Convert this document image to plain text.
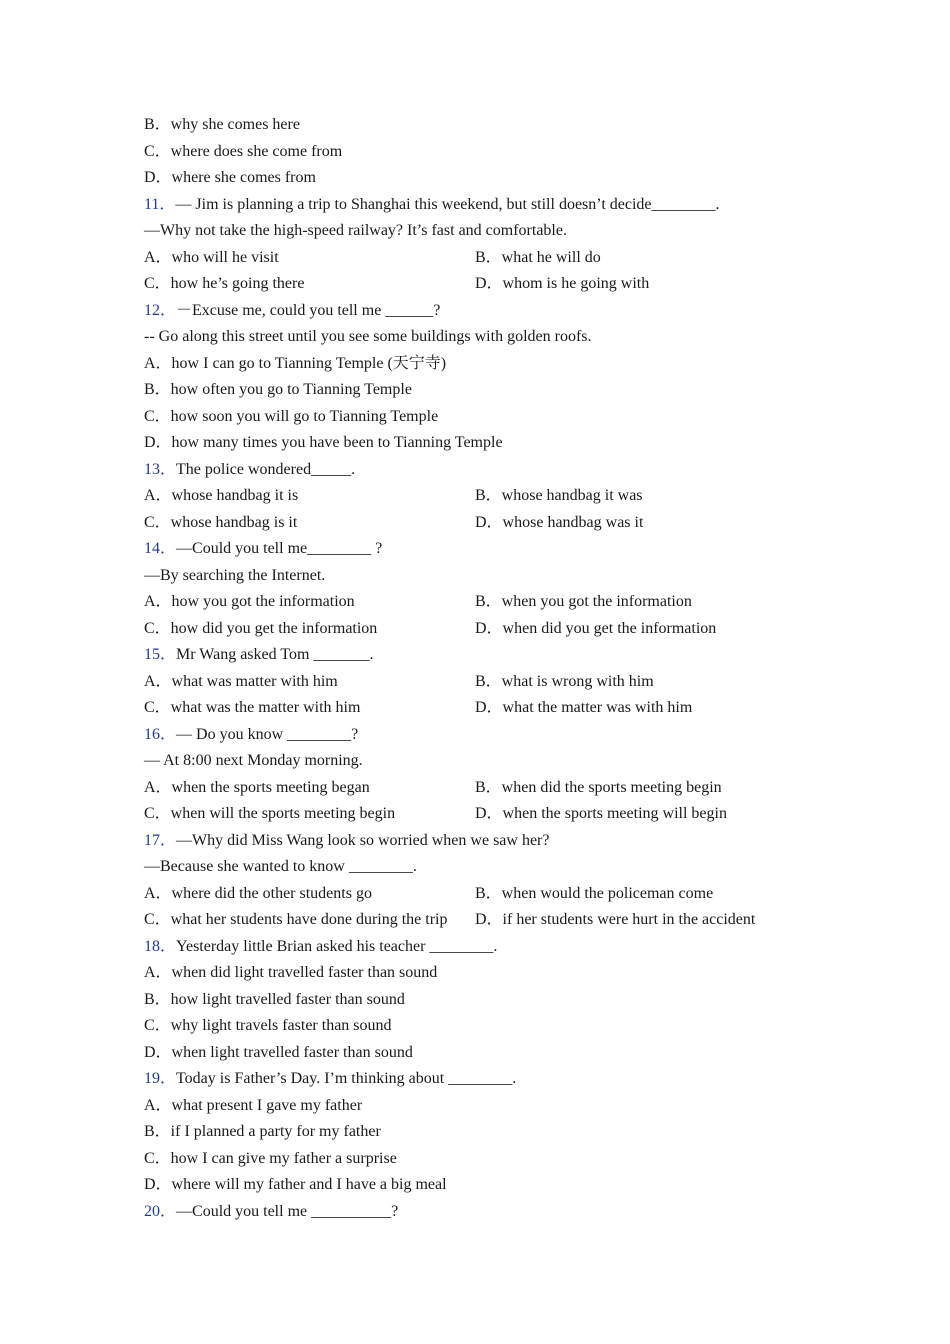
B．why she comes here
C．where does she come from
D．where she comes from
11．— Jim is planning a trip to Shanghai this weekend, but still doesn’t decide________.
—Why not take the high-speed railway? It’s fast and comfortable.
A．who will he visit	B．what he will do
C．how he’s going there	D．whom is he going with
12．－Excuse me, could you tell me ______?
-- Go along this street until you see some buildings with golden roofs.
A．how I can go to Tianning Temple (天宁寺)
B．how often you go to Tianning Temple
C．how soon you will go to Tianning Temple
D．how many times you have been to Tianning Temple
13．The police wondered_____.
A．whose handbag it is	B．whose handbag it was
C．whose handbag is it	D．whose handbag was it
14．—Could you tell me________ ?
—By searching the Internet.
A．how you got the information	B．when you got the information
C．how did you get the information	D．when did you get the information
15．Mr Wang asked Tom _______.
A．what was matter with him	B．what is wrong with him
C．what was the matter with him	D．what the matter was with him
16．— Do you know ________?
— At 8:00 next Monday morning.
A．when the sports meeting began	B．when did the sports meeting begin
C．when will the sports meeting begin	D．when the sports meeting will begin
17．—Why did Miss Wang look so worried when we saw her?
—Because she wanted to know ________.
A．where did the other students go	B．when would the policeman come
C．what her students have done during the trip	D．if her students were hurt in the accident
18．Yesterday little Brian asked his teacher ________.
A．when did light travelled faster than sound
B．how light travelled faster than sound
C．why light travels faster than sound
D．when light travelled faster than sound
19．Today is Father’s Day. I’m thinking about ________.
A．what present I gave my father
B．if I planned a party for my father
C．how I can give my father a surprise
D．where will my father and I have a big meal
20．—Could you tell me __________?
